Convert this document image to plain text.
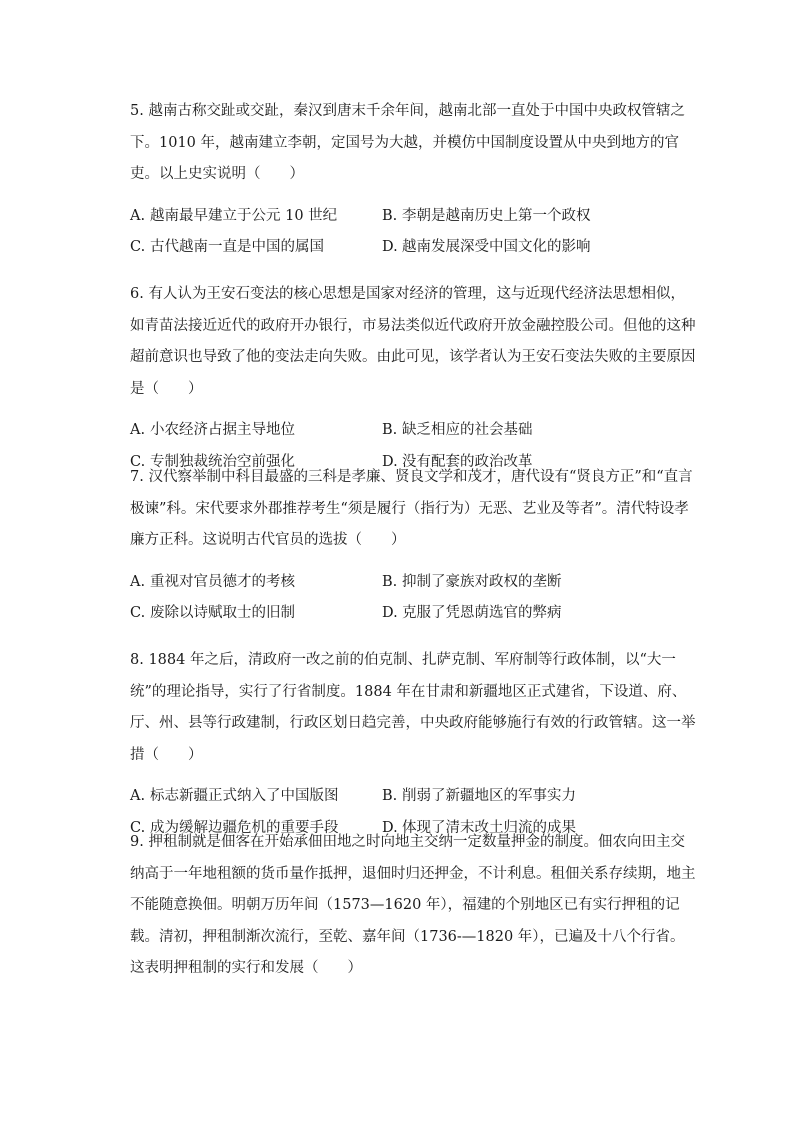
5. 越南古称交趾或交趾，秦汉到唐末千余年间，越南北部一直处于中国中央政权管辖之下。1010 年，越南建立李朝，定国号为大越，并模仿中国制度设置从中央到地方的官吏。以上史实说明（　　）

A. 越南最早建立于公元 10 世纪	B. 李朝是越南历史上第一个政权
C. 古代越南一直是中国的属国	D. 越南发展深受中国文化的影响

6. 有人认为王安石变法的核心思想是国家对经济的管理，这与近现代经济法思想相似，如青苗法接近近代的政府开办银行，市易法类似近代政府开放金融控股公司。但他的这种超前意识也导致了他的变法走向失败。由此可见，该学者认为王安石变法失败的主要原因是（　　）

A. 小农经济占据主导地位	B. 缺乏相应的社会基础
C. 专制独裁统治空前强化	D. 没有配套的政治改革

7. 汉代察举制中科目最盛的三科是孝廉、贤良文学和茂才，唐代设有“贤良方正”和“直言极谏”科。宋代要求外郡推荐考生“须是履行（指行为）无恶、艺业及等者”。清代特设孝廉方正科。这说明古代官员的选拔（　　）

A. 重视对官员德才的考核	B. 抑制了豪族对政权的垄断
C. 废除以诗赋取士的旧制	D. 克服了凭恩荫选官的弊病

8. 1884 年之后，清政府一改之前的伯克制、扎萨克制、军府制等行政体制，以“大一统”的理论指导，实行了行省制度。1884 年在甘肃和新疆地区正式建省，下设道、府、厅、州、县等行政建制，行政区划日趋完善，中央政府能够施行有效的行政管辖。这一举措（　　）

A. 标志新疆正式纳入了中国版图	B. 削弱了新疆地区的军事实力
C. 成为缓解边疆危机的重要手段	D. 体现了清末改土归流的成果

9. 押租制就是佃客在开始承佃田地之时向地主交纳一定数量押金的制度。佃农向田主交纳高于一年地租额的货币量作抵押，退佃时归还押金，不计利息。租佃关系存续期，地主不能随意换佃。明朝万历年间（1573—1620 年），福建的个别地区已有实行押租的记载。清初，押租制渐次流行，至乾、嘉年间（1736-—1820 年），已遍及十八个行省。这表明押租制的实行和发展（　　）
